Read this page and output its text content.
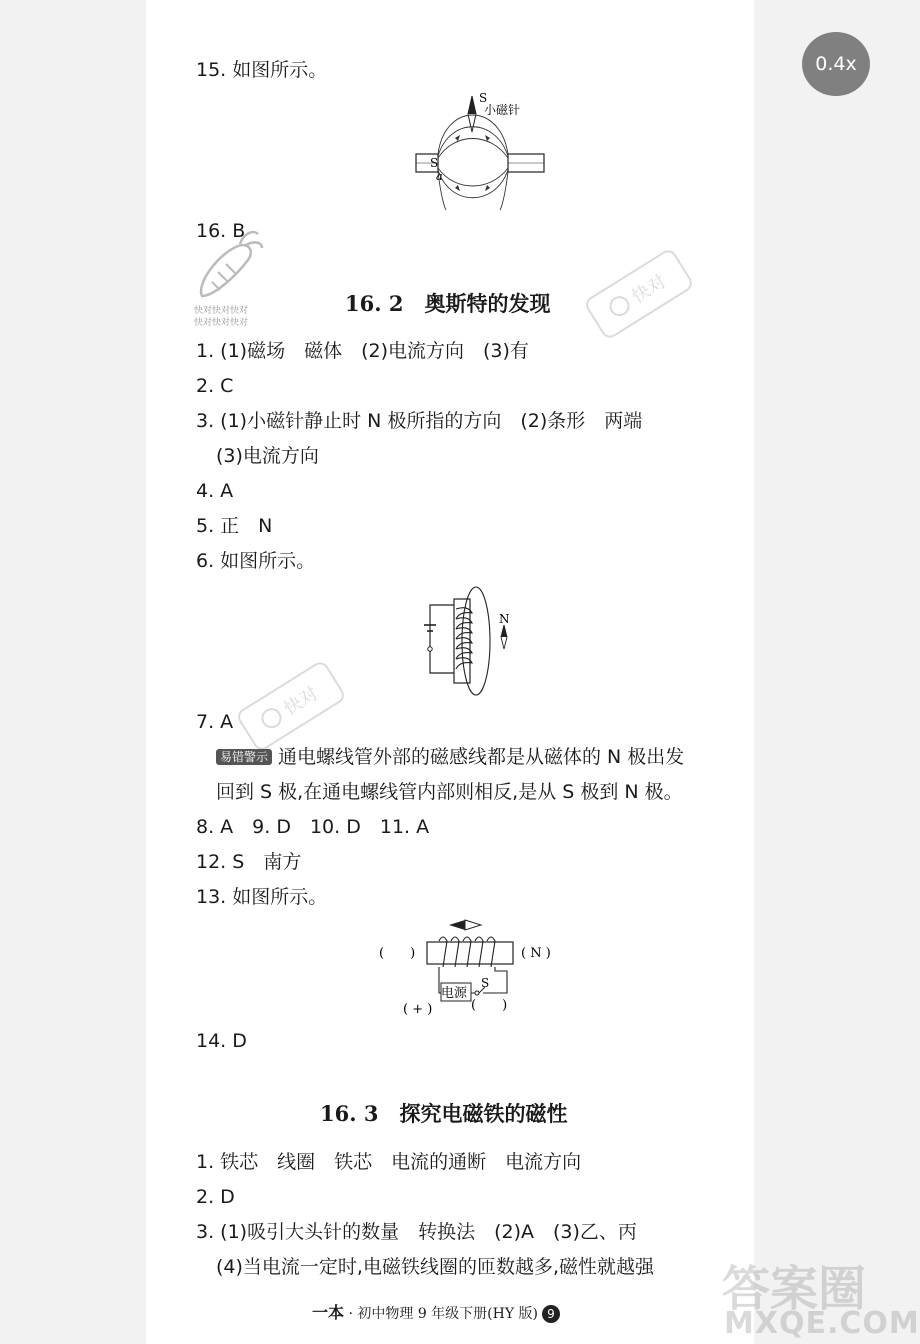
0.4x
15. 如图所示。
S
小磁针
S
a
16. B
快对快对快对
快对快对快对
快对
16. 2　奥斯特的发现
1. (1)磁场　磁体　(2)电流方向　(3)有
2. C
3. (1)小磁针静止时 N 极所指的方向　(2)条形　两端
(3)电流方向
4. A
5. 正　N
6. 如图所示。
N
快对
7. A
易错警示 通电螺线管外部的磁感线都是从磁体的 N 极出发
回到 S 极,在通电螺线管内部则相反,是从 S 极到 N 极。
8. A　9. D　10. D　11. A
12. S　南方
13. 如图所示。
(　　)	( N )
电源
S
( + )	(　　)
14. D
16. 3　探究电磁铁的磁性
1. 铁芯　线圈　铁芯　电流的通断　电流方向
2. D
3. (1)吸引大头针的数量　转换法　(2)A　(3)乙、丙
(4)当电流一定时,电磁铁线圈的匝数越多,磁性就越强
一本 · 初中物理 9 年级下册(HY 版) 9	答案圈
MXQE.COM
